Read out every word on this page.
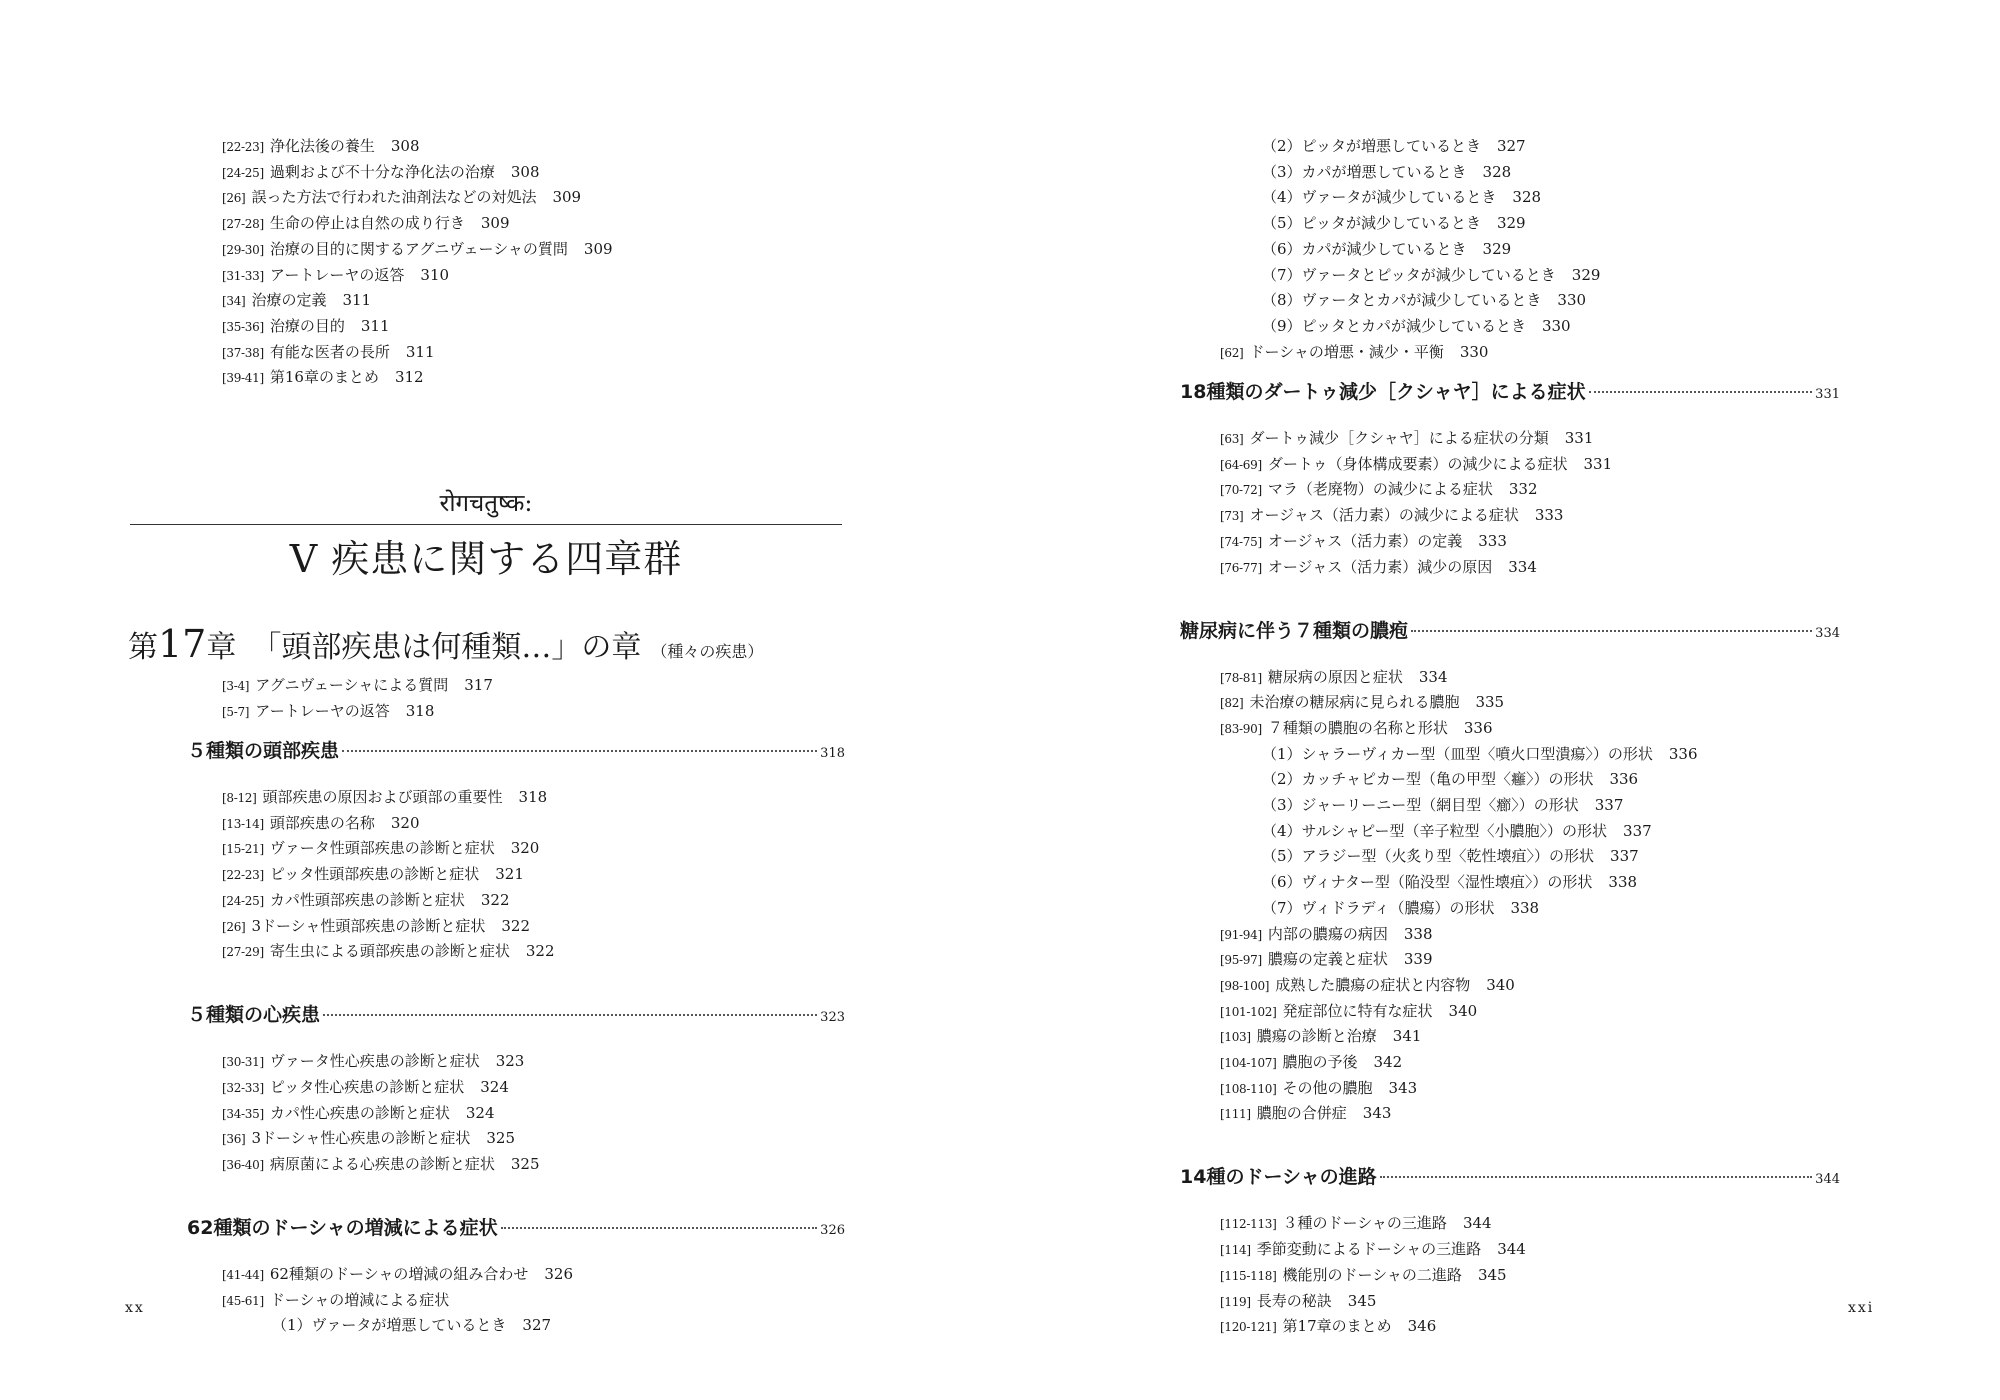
[22-23] 浄化法後の養生 308
[24-25] 過剰および不十分な浄化法の治療 308
[26] 誤った方法で行われた油剤法などの対処法 309
[27-28] 生命の停止は自然の成り行き 309
[29-30] 治療の目的に関するアグニヴェーシャの質問 309
[31-33] アートレーヤの返答 310
[34] 治療の定義 311
[35-36] 治療の目的 311
[37-38] 有能な医者の長所 311
[39-41] 第16章のまとめ 312
रोगचतुष्क:
V 疾患に関する四章群
第17章　「頭部疾患は何種類…」の章 （種々の疾患）
[3-4] アグニヴェーシャによる質問 317
[5-7] アートレーヤの返答 318
５種類の頭部疾患	318
[8-12] 頭部疾患の原因および頭部の重要性 318
[13-14] 頭部疾患の名称 320
[15-21] ヴァータ性頭部疾患の診断と症状 320
[22-23] ピッタ性頭部疾患の診断と症状 321
[24-25] カパ性頭部疾患の診断と症状 322
[26] 3ドーシャ性頭部疾患の診断と症状 322
[27-29] 寄生虫による頭部疾患の診断と症状 322
５種類の心疾患	323
[30-31] ヴァータ性心疾患の診断と症状 323
[32-33] ピッタ性心疾患の診断と症状 324
[34-35] カパ性心疾患の診断と症状 324
[36] 3ドーシャ性心疾患の診断と症状 325
[36-40] 病原菌による心疾患の診断と症状 325
62種類のドーシャの増減による症状	326
[41-44] 62種類のドーシャの増減の組み合わせ 326
[45-61] ドーシャの増減による症状
（1）ヴァータが増悪しているとき 327
xx
（2）ピッタが増悪しているとき 327
（3）カパが増悪しているとき 328
（4）ヴァータが減少しているとき 328
（5）ピッタが減少しているとき 329
（6）カパが減少しているとき 329
（7）ヴァータとピッタが減少しているとき 329
（8）ヴァータとカパが減少しているとき 330
（9）ピッタとカパが減少しているとき 330
[62] ドーシャの増悪・減少・平衡 330
18種類のダートゥ減少［クシャヤ］による症状	331
[63] ダートゥ減少［クシャヤ］による症状の分類 331
[64-69] ダートゥ（身体構成要素）の減少による症状 331
[70-72] マラ（老廃物）の減少による症状 332
[73] オージャス（活力素）の減少による症状 333
[74-75] オージャス（活力素）の定義 333
[76-77] オージャス（活力素）減少の原因 334
糖尿病に伴う７種類の膿疱	334
[78-81] 糖尿病の原因と症状 334
[82] 未治療の糖尿病に見られる膿胞 335
[83-90] ７種類の膿胞の名称と形状 336
（1）シャラーヴィカー型（皿型〈噴火口型潰瘍〉）の形状 336
（2）カッチャピカー型（亀の甲型〈癰〉）の形状 336
（3）ジャーリーニー型（網目型〈癤〉）の形状 337
（4）サルシャピー型（辛子粒型〈小膿胞〉）の形状 337
（5）アラジー型（火炙り型〈乾性壊疽〉）の形状 337
（6）ヴィナター型（陥没型〈湿性壊疽〉）の形状 338
（7）ヴィドラディ（膿瘍）の形状 338
[91-94] 内部の膿瘍の病因 338
[95-97] 膿瘍の定義と症状 339
[98-100] 成熟した膿瘍の症状と内容物 340
[101-102] 発症部位に特有な症状 340
[103] 膿瘍の診断と治療 341
[104-107] 膿胞の予後 342
[108-110] その他の膿胞 343
[111] 膿胞の合併症 343
14種のドーシャの進路	344
[112-113] ３種のドーシャの三進路 344
[114] 季節変動によるドーシャの三進路 344
[115-118] 機能別のドーシャの二進路 345
[119] 長寿の秘訣 345
[120-121] 第17章のまとめ 346
xxi
